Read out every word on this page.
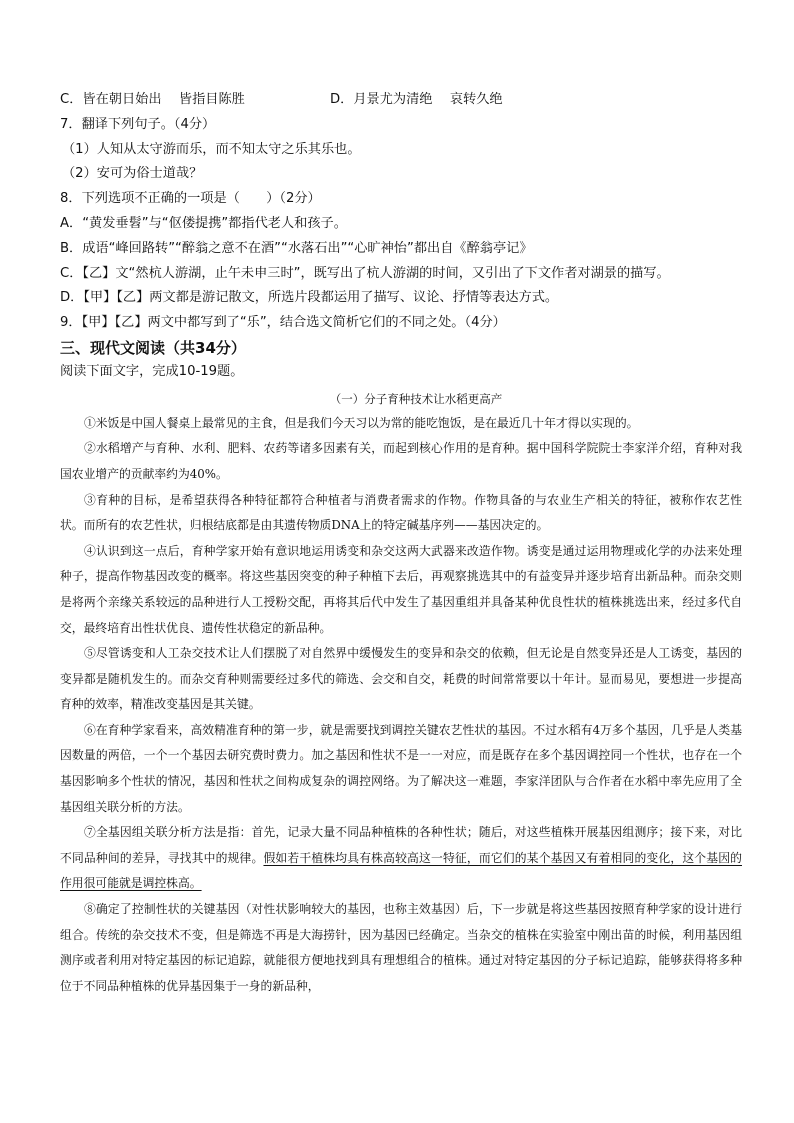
C．皆在朝日始出　 皆指目陈胜	D．月景尤为清绝　 哀转久绝
7．翻译下列句子。（4分）
（1）人知从太守游而乐，而不知太守之乐其乐也。
（2）安可为俗士道哉？
8．下列选项不正确的一项是（　　）（2分）
A．“黄发垂髫”与“伛偻提携”都指代老人和孩子。
B．成语“峰回路转”“醉翁之意不在酒”“水落石出”“心旷神怡”都出自《醉翁亭记》
C．【乙】文“然杭人游湖，止午未申三时”，既写出了杭人游湖的时间，又引出了下文作者对湖景的描写。
D．【甲】【乙】两文都是游记散文，所选片段都运用了描写、议论、抒情等表达方式。
9．【甲】【乙】两文中都写到了“乐”，结合选文简析它们的不同之处。（4分）
三、现代文阅读（共34分）
阅读下面文字，完成10-19题。
（一）分子育种技术让水稻更高产

①米饭是中国人餐桌上最常见的主食，但是我们今天习以为常的能吃饱饭，是在最近几十年才得以实现的。

②水稻增产与育种、水利、肥料、农药等诸多因素有关，而起到核心作用的是育种。据中国科学院院士李家洋介绍，育种对我国农业增产的贡献率约为40%。

③育种的目标，是希望获得各种特征都符合种植者与消费者需求的作物。作物具备的与农业生产相关的特征，被称作农艺性状。而所有的农艺性状，归根结底都是由其遗传物质DNA上的特定碱基序列——基因决定的。

④认识到这一点后，育种学家开始有意识地运用诱变和杂交这两大武器来改造作物。诱变是通过运用物理或化学的办法来处理种子，提高作物基因改变的概率。将这些基因突变的种子种植下去后，再观察挑选其中的有益变异并逐步培育出新品种。而杂交则是将两个亲缘关系较远的品种进行人工授粉交配，再将其后代中发生了基因重组并具备某种优良性状的植株挑选出来，经过多代自交，最终培育出性状优良、遗传性状稳定的新品种。

⑤尽管诱变和人工杂交技术让人们摆脱了对自然界中缓慢发生的变异和杂交的依赖，但无论是自然变异还是人工诱变，基因的变异都是随机发生的。而杂交育种则需要经过多代的筛选、会交和自交，耗费的时间常常要以十年计。显而易见，要想进一步提高育种的效率，精准改变基因是其关键。

⑥在育种学家看来，高效精准育种的第一步，就是需要找到调控关键农艺性状的基因。不过水稻有4万多个基因，几乎是人类基因数量的两倍，一个一个基因去研究费时费力。加之基因和性状不是一一对应，而是既存在多个基因调控同一个性状，也存在一个基因影响多个性状的情况，基因和性状之间构成复杂的调控网络。为了解决这一难题，李家洋团队与合作者在水稻中率先应用了全基因组关联分析的方法。

⑦全基因组关联分析方法是指：首先，记录大量不同品种植株的各种性状；随后，对这些植株开展基因组测序；接下来，对比不同品种间的差异，寻找其中的规律。假如若干植株均具有株高较高这一特征，而它们的某个基因又有着相同的变化，这个基因的作用很可能就是调控株高。

⑧确定了控制性状的关键基因（对性状影响较大的基因，也称主效基因）后，下一步就是将这些基因按照育种学家的设计进行组合。传统的杂交技术不变，但是筛选不再是大海捞针，因为基因已经确定。当杂交的植株在实验室中刚出苗的时候，利用基因组测序或者利用对特定基因的标记追踪，就能很方便地找到具有理想组合的植株。通过对特定基因的分子标记追踪，能够获得将多种位于不同品种植株的优异基因集于一身的新品种，
